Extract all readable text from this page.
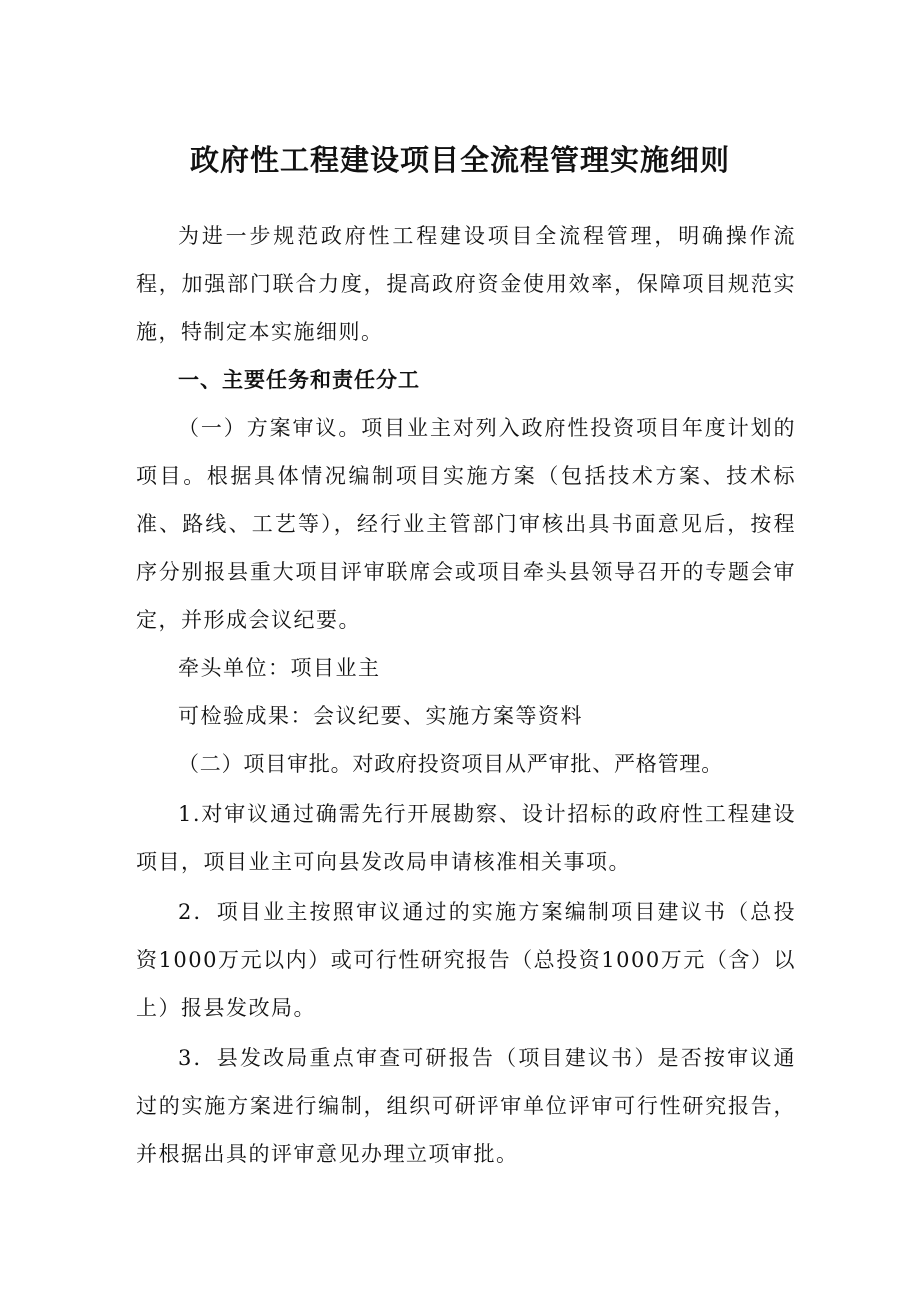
政府性工程建设项目全流程管理实施细则

为进一步规范政府性工程建设项目全流程管理，明确操作流程，加强部门联合力度，提高政府资金使用效率，保障项目规范实施，特制定本实施细则。

一、主要任务和责任分工

（一）方案审议。项目业主对列入政府性投资项目年度计划的项目。根据具体情况编制项目实施方案（包括技术方案、技术标准、路线、工艺等），经行业主管部门审核出具书面意见后，按程序分别报县重大项目评审联席会或项目牵头县领导召开的专题会审定，并形成会议纪要。

牵头单位：项目业主

可检验成果：会议纪要、实施方案等资料

（二）项目审批。对政府投资项目从严审批、严格管理。

1.对审议通过确需先行开展勘察、设计招标的政府性工程建设项目，项目业主可向县发改局申请核准相关事项。

2．项目业主按照审议通过的实施方案编制项目建议书（总投资1000万元以内）或可行性研究报告（总投资1000万元（含）以上）报县发改局。

3．县发改局重点审查可研报告（项目建议书）是否按审议通过的实施方案进行编制，组织可研评审单位评审可行性研究报告，并根据出具的评审意见办理立项审批。
